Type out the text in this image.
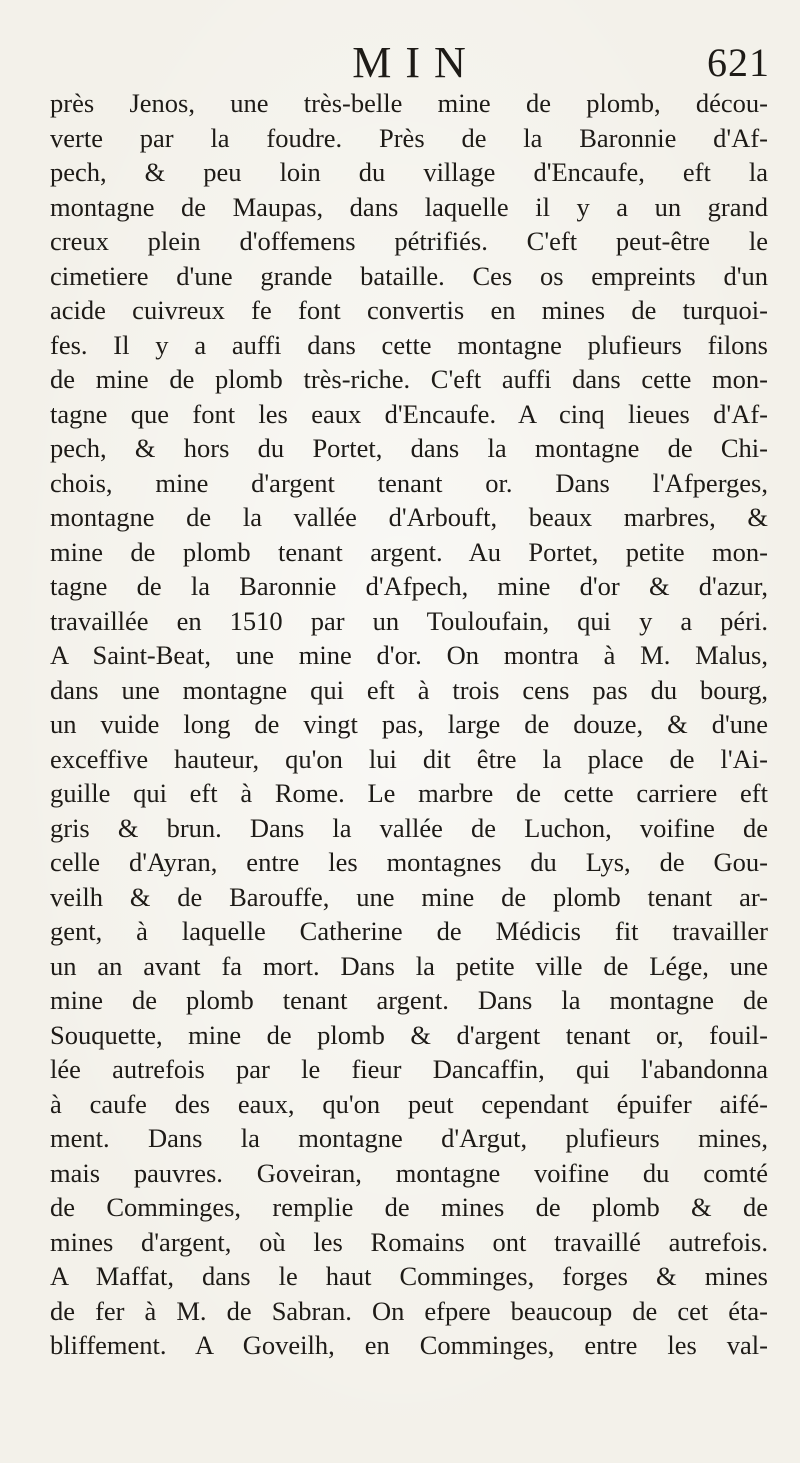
MIN	621
près Jenos, une très-belle mine de plomb, décou-
verte par la foudre. Près de la Baronnie d'Af-
pech, & peu loin du village d'Encaufe, eft la
montagne de Maupas, dans laquelle il y a un grand
creux plein d'offemens pétrifiés. C'eft peut-être le
cimetiere d'une grande bataille. Ces os empreints d'un
acide cuivreux fe font convertis en mines de turquoi-
fes. Il y a auffi dans cette montagne plufieurs filons
de mine de plomb très-riche. C'eft auffi dans cette mon-
tagne que font les eaux d'Encaufe. A cinq lieues d'Af-
pech, & hors du Portet, dans la montagne de Chi-
chois, mine d'argent tenant or. Dans l'Afperges,
montagne de la vallée d'Arbouft, beaux marbres, &
mine de plomb tenant argent. Au Portet, petite mon-
tagne de la Baronnie d'Afpech, mine d'or & d'azur,
travaillée en 1510 par un Touloufain, qui y a péri.
A Saint-Beat, une mine d'or. On montra à M. Malus,
dans une montagne qui eft à trois cens pas du bourg,
un vuide long de vingt pas, large de douze, & d'une
exceffive hauteur, qu'on lui dit être la place de l'Ai-
guille qui eft à Rome. Le marbre de cette carriere eft
gris & brun. Dans la vallée de Luchon, voifine de
celle d'Ayran, entre les montagnes du Lys, de Gou-
veilh & de Barouffe, une mine de plomb tenant ar-
gent, à laquelle Catherine de Médicis fit travailler
un an avant fa mort. Dans la petite ville de Lége, une
mine de plomb tenant argent. Dans la montagne de
Souquette, mine de plomb & d'argent tenant or, fouil-
lée autrefois par le fieur Dancaffin, qui l'abandonna
à caufe des eaux, qu'on peut cependant épuifer aifé-
ment. Dans la montagne d'Argut, plufieurs mines,
mais pauvres. Goveiran, montagne voifine du comté
de Comminges, remplie de mines de plomb & de
mines d'argent, où les Romains ont travaillé autrefois.
A Maffat, dans le haut Comminges, forges & mines
de fer à M. de Sabran. On efpere beaucoup de cet éta-
bliffement. A Goveilh, en Comminges, entre les val-
